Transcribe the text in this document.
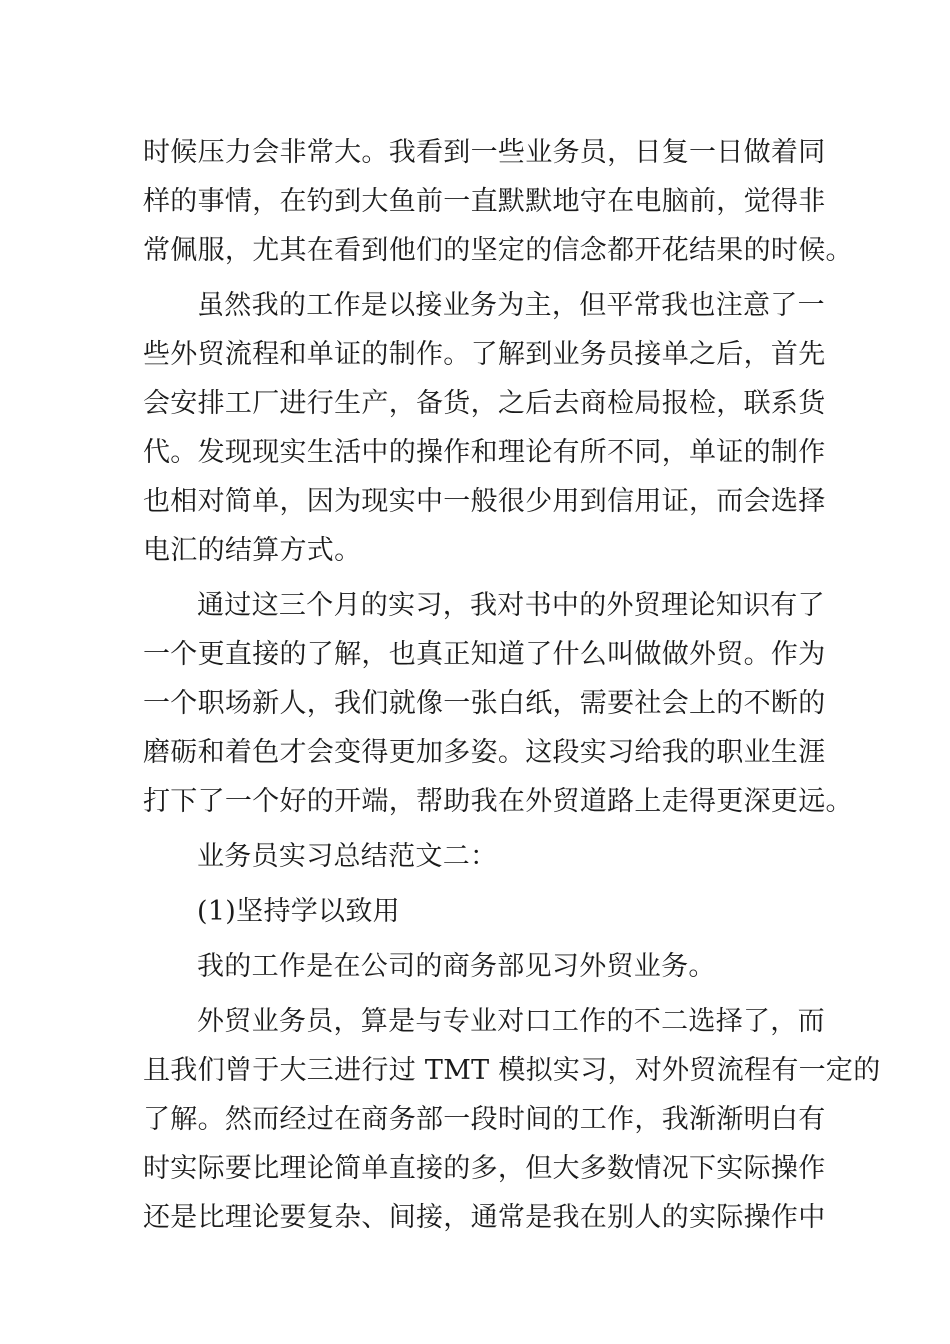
时候压力会非常大。我看到一些业务员，日复一日做着同
样的事情，在钓到大鱼前一直默默地守在电脑前，觉得非
常佩服，尤其在看到他们的坚定的信念都开花结果的时候。
虽然我的工作是以接业务为主，但平常我也注意了一
些外贸流程和单证的制作。了解到业务员接单之后，首先
会安排工厂进行生产，备货，之后去商检局报检，联系货
代。发现现实生活中的操作和理论有所不同，单证的制作
也相对简单，因为现实中一般很少用到信用证，而会选择
电汇的结算方式。
通过这三个月的实习，我对书中的外贸理论知识有了
一个更直接的了解，也真正知道了什么叫做做外贸。作为
一个职场新人，我们就像一张白纸，需要社会上的不断的
磨砺和着色才会变得更加多姿。这段实习给我的职业生涯
打下了一个好的开端，帮助我在外贸道路上走得更深更远。
业务员实习总结范文二：
(1)坚持学以致用
我的工作是在公司的商务部见习外贸业务。
外贸业务员，算是与专业对口工作的不二选择了，而
且我们曾于大三进行过 TMT 模拟实习，对外贸流程有一定的
了解。然而经过在商务部一段时间的工作，我渐渐明白有
时实际要比理论简单直接的多，但大多数情况下实际操作
还是比理论要复杂、间接，通常是我在别人的实际操作中
